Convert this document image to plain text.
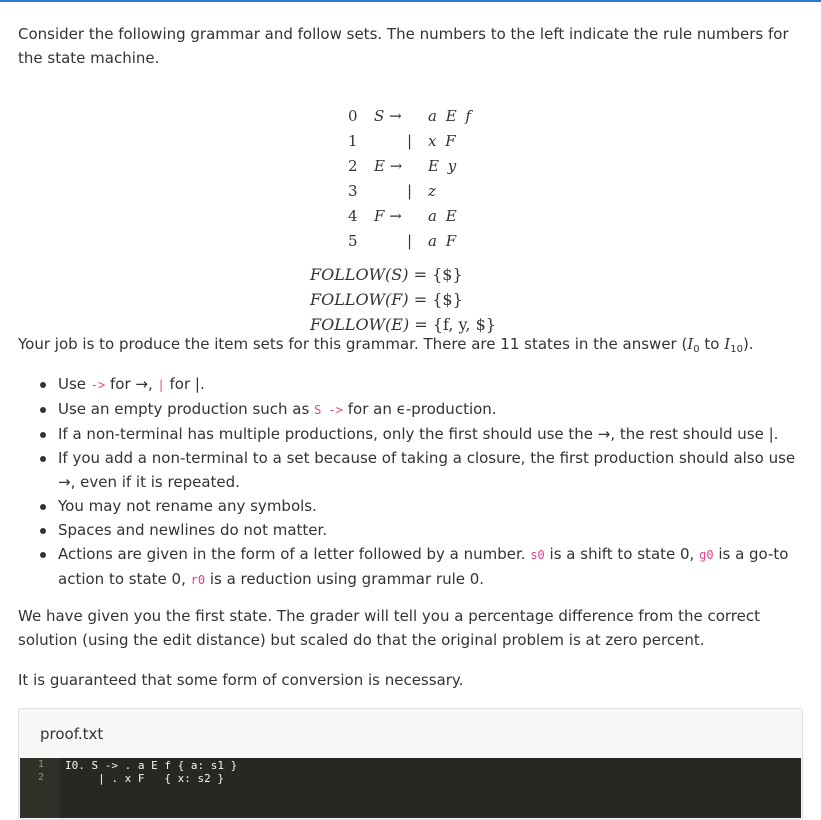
Consider the following grammar and follow sets. The numbers to the left indicate the rule numbers for the state machine.

0 S →	a E f
1	| x F
2 E →	E y
3	| z
4 F →	a E
5	| a F
FOLLOW(S) = {$}
FOLLOW(F) = {$}
FOLLOW(E) = {f, y, $}

Your job is to produce the item sets for this grammar. There are 11 states in the answer ($I_0$ to $I_{10}$).

Use -> for →, | for |.
Use an empty production such as S -> for an ϵ-production.
If a non-terminal has multiple productions, only the first should use the →, the rest should use |.
If you add a non-terminal to a set because of taking a closure, the first production should also use →, even if it is repeated.
You may not rename any symbols.
Spaces and newlines do not matter.
Actions are given in the form of a letter followed by a number. s0 is a shift to state 0, g0 is a go-to action to state 0, r0 is a reduction using grammar rule 0.

We have given you the first state. The grader will tell you a percentage difference from the correct solution (using the edit distance) but scaled do that the original problem is at zero percent.

It is guaranteed that some form of conversion is necessary.

proof.txt
1
2
I0. S -> . a E f { a: s1 }
| . x F   { x: s2 }
